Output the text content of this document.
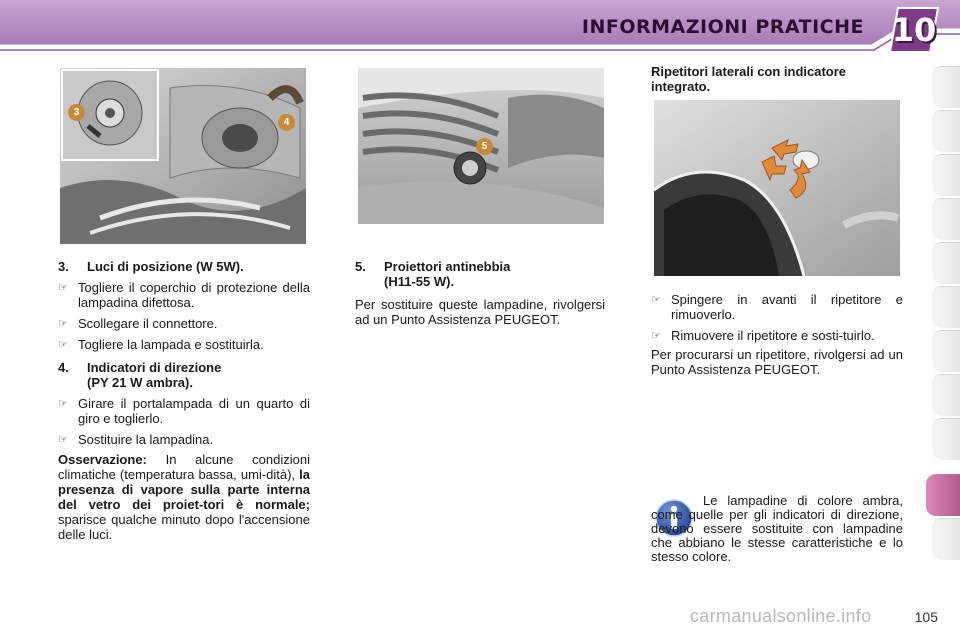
INFORMAZIONI PRATICHE 10
3
4
5
3.	Luci di posizione (W 5W).
☞ Togliere il coperchio di protezione della lampadina difettosa.
☞ Scollegare il connettore.
☞ Togliere la lampada e sostituirla.
4.	Indicatori di direzione
(PY 21 W ambra).
☞ Girare il portalampada di un quarto di giro e toglierlo.
☞ Sostituire la lampadina.
Osservazione: In alcune condizioni climatiche (temperatura bassa, umi-dità), la presenza di vapore sulla parte interna del vetro dei proiet-tori è normale; sparisce qualche minuto dopo l'accensione delle luci.
5.	Proiettori antinebbia
(H11-55 W).
Per sostituire queste lampadine, rivolgersi ad un Punto Assistenza PEUGEOT.
Ripetitori laterali con indicatore integrato.
☞ Spingere in avanti il ripetitore e rimuoverlo.
☞ Rimuovere il ripetitore e sosti-tuirlo.
Per procurarsi un ripetitore, rivolgersi ad un Punto Assistenza PEUGEOT.
Le lampadine di colore ambra, come quelle per gli indicatori di direzione, devono essere sostituite con lampadine che abbiano le stesse caratteristiche e lo stesso colore.
carmanualsonline.info	105
